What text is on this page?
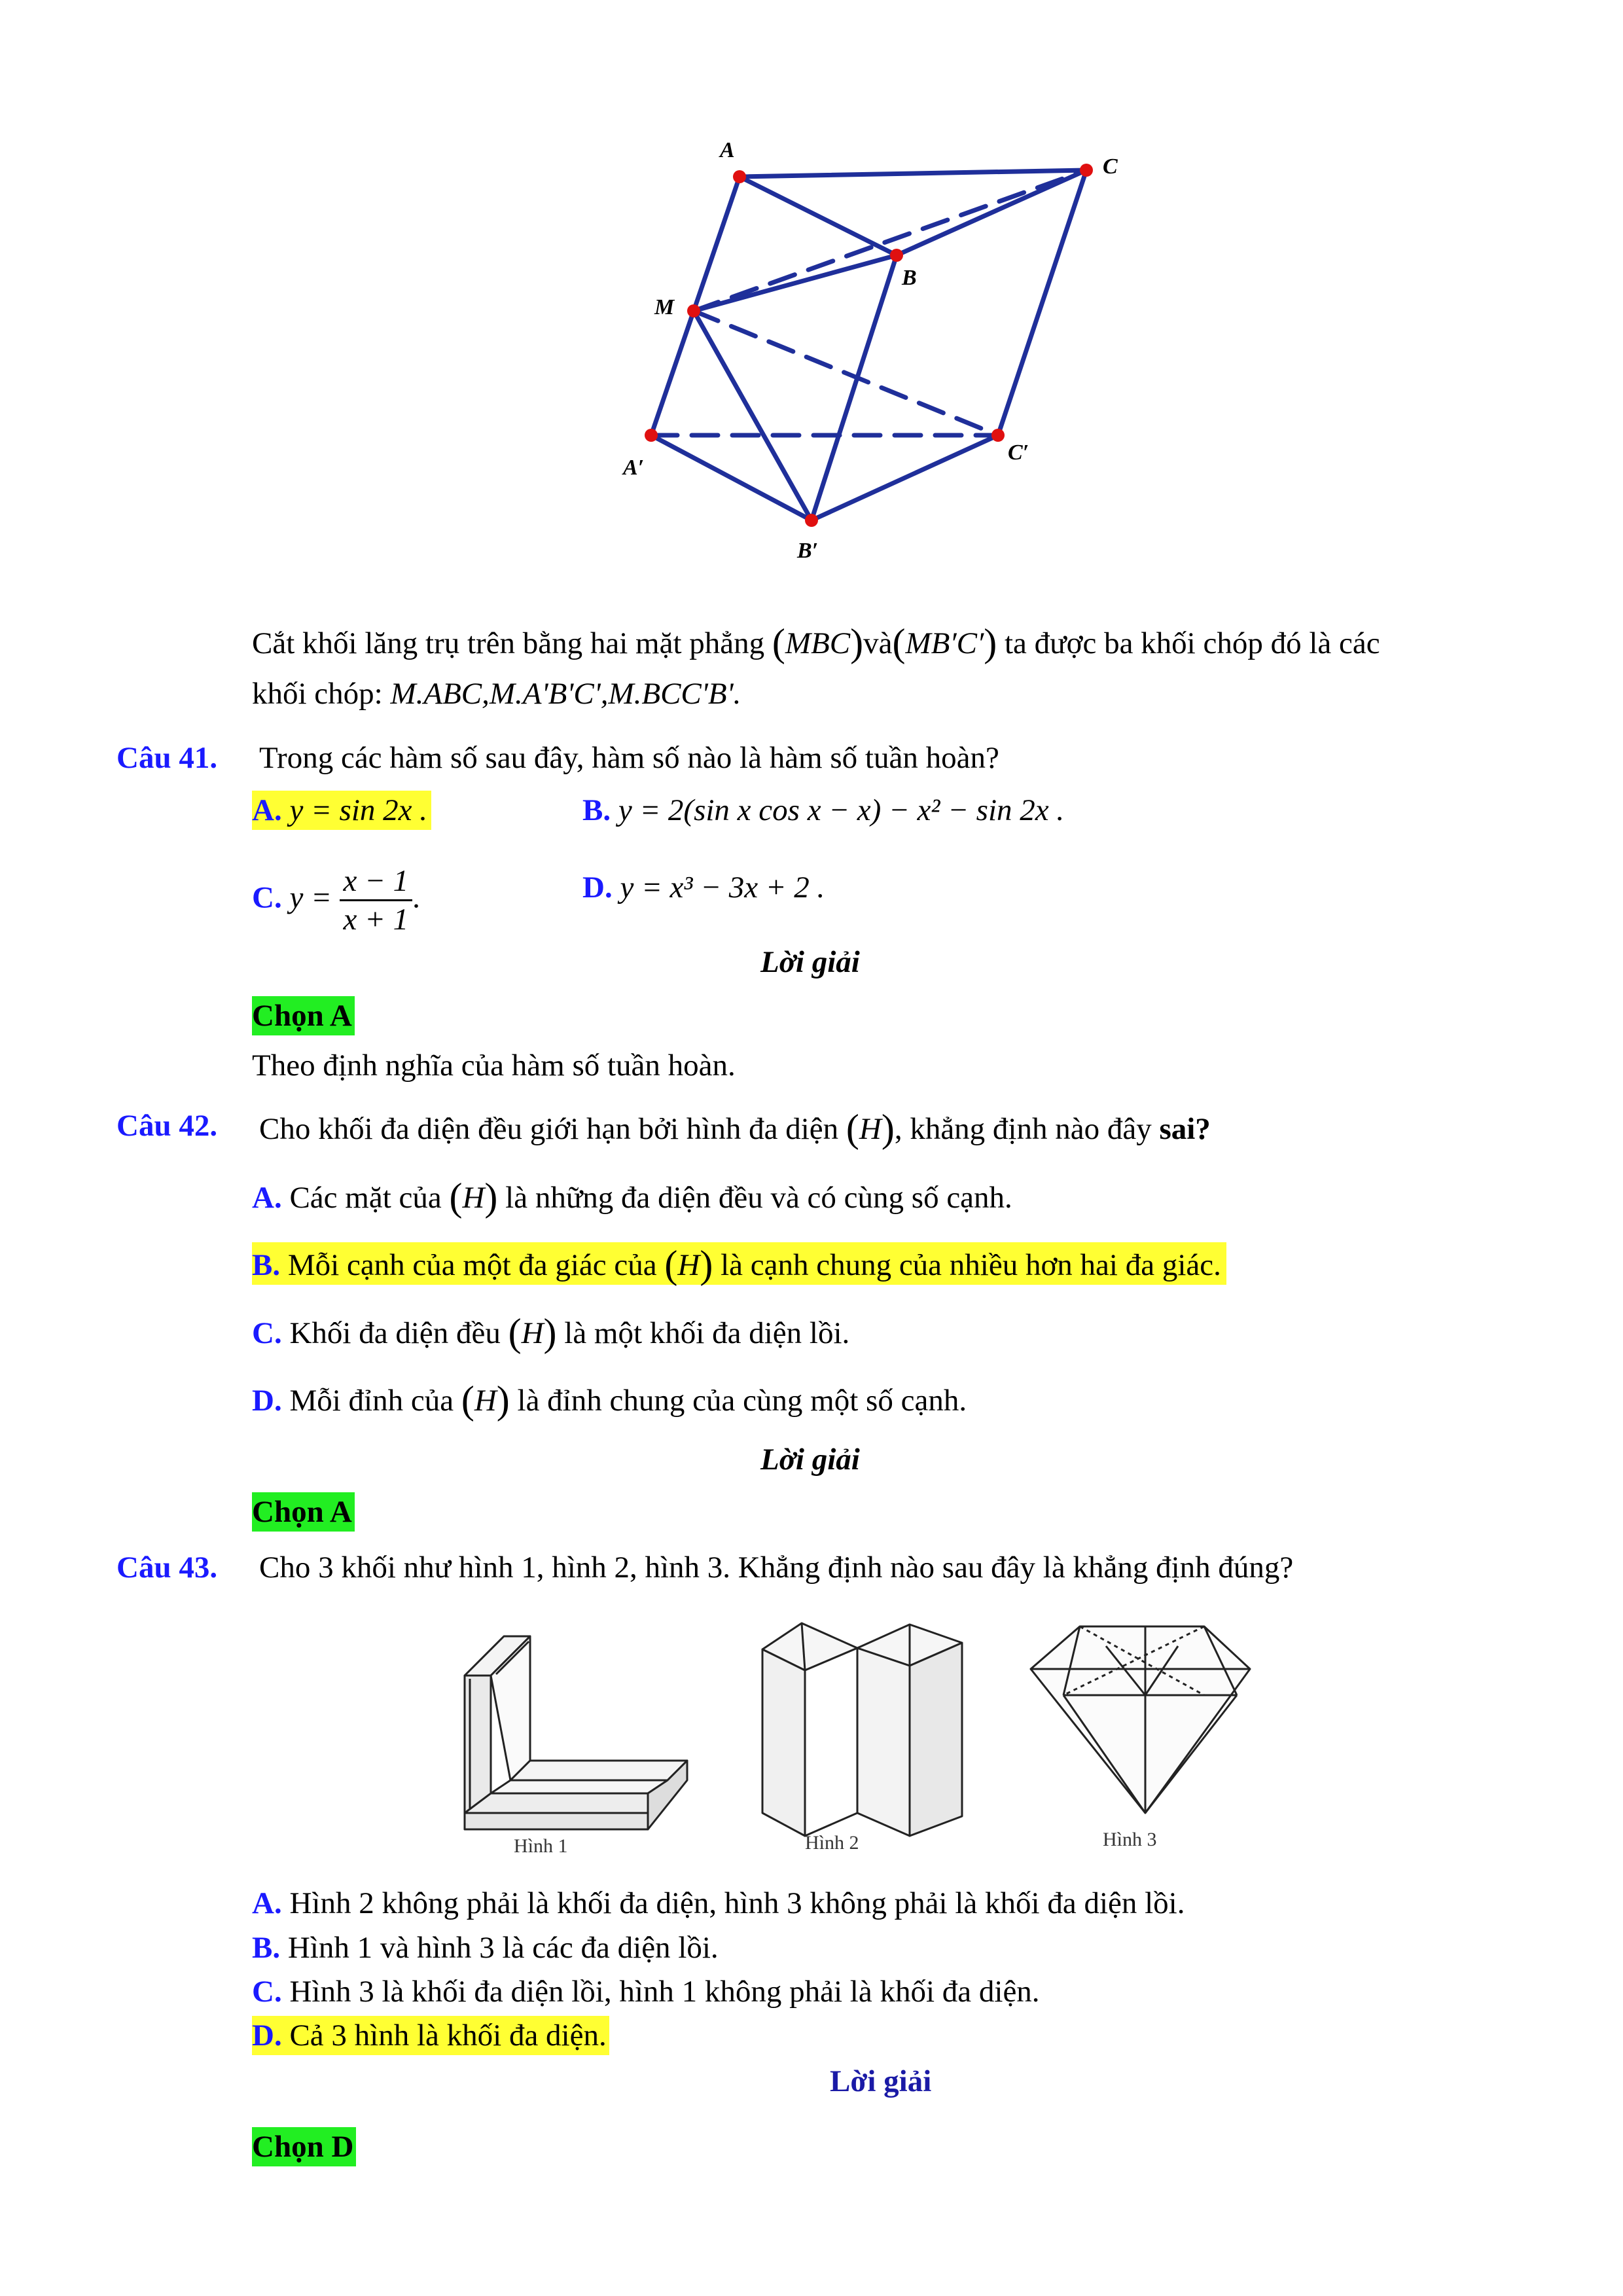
A
C
B
M
A′
C′
B′
Cắt khối lăng trụ trên bằng hai mặt phẳng (MBC)và(MB′C′) ta được ba khối chóp đó là các
khối chóp: M.ABC,M.A'B'C',M.BCC'B'.
Câu 41. Trong các hàm số sau đây, hàm số nào là hàm số tuần hoàn?
A. y = sin 2x .	B. y = 2(sin x cos x − x) − x² − sin 2x .
C. $y = \frac{x - 1}{x + 1}$ .	D. y = x³ − 3x + 2 .
Lời giải
Chọn A
Theo định nghĩa của hàm số tuần hoàn.
Câu 42. Cho khối đa diện đều giới hạn bởi hình đa diện (H), khẳng định nào đây sai?
A. Các mặt của (H) là những đa diện đều và có cùng số cạnh.
B. Mỗi cạnh của một đa giác của (H) là cạnh chung của nhiều hơn hai đa giác.
C. Khối đa diện đều (H) là một khối đa diện lồi.
D. Mỗi đỉnh của (H) là đỉnh chung của cùng một số cạnh.
Lời giải
Chọn A
Câu 43. Cho 3 khối như hình 1, hình 2, hình 3. Khẳng định nào sau đây là khẳng định đúng?
Hình 1	Hình 2	Hình 3
A. Hình 2 không phải là khối đa diện, hình 3 không phải là khối đa diện lồi.
B. Hình 1 và hình 3 là các đa diện lồi.
C. Hình 3 là khối đa diện lồi, hình 1 không phải là khối đa diện.
D. Cả 3 hình là khối đa diện.
Lời giải
Chọn D
